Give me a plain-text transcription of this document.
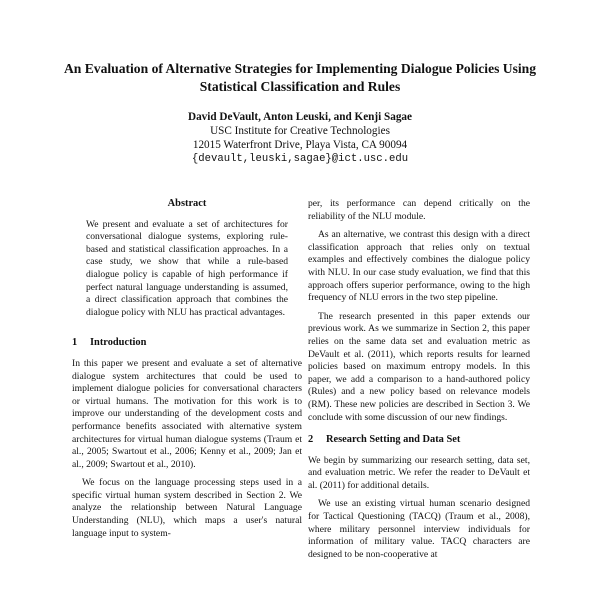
An Evaluation of Alternative Strategies for Implementing Dialogue Policies Using Statistical Classification and Rules
David DeVault, Anton Leuski, and Kenji Sagae
USC Institute for Creative Technologies
12015 Waterfront Drive, Playa Vista, CA 90094
{devault,leuski,sagae}@ict.usc.edu
Abstract

We present and evaluate a set of architectures for conversational dialogue systems, exploring rule-based and statistical classification approaches. In a case study, we show that while a rule-based dialogue policy is capable of high performance if perfect natural language understanding is assumed, a direct classification approach that combines the dialogue policy with NLU has practical advantages.

1 Introduction

In this paper we present and evaluate a set of alternative dialogue system architectures that could be used to implement dialogue policies for conversational characters or virtual humans. The motivation for this work is to improve our understanding of the development costs and performance benefits associated with alternative system architectures for virtual human dialogue systems (Traum et al., 2005; Swartout et al., 2006; Kenny et al., 2009; Jan et al., 2009; Swartout et al., 2010).

We focus on the language processing steps used in a specific virtual human system described in Section 2. We analyze the relationship between Natural Language Understanding (NLU), which maps a user's natural language input to system-

per, its performance can depend critically on the reliability of the NLU module.

As an alternative, we contrast this design with a direct classification approach that relies only on textual examples and effectively combines the dialogue policy with NLU. In our case study evaluation, we find that this approach offers superior performance, owing to the high frequency of NLU errors in the two step pipeline.

The research presented in this paper extends our previous work. As we summarize in Section 2, this paper relies on the same data set and evaluation metric as DeVault et al. (2011), which reports results for learned policies based on maximum entropy models. In this paper, we add a comparison to a hand-authored policy (Rules) and a new policy based on relevance models (RM). These new policies are described in Section 3. We conclude with some discussion of our new findings.

2 Research Setting and Data Set

We begin by summarizing our research setting, data set, and evaluation metric. We refer the reader to DeVault et al. (2011) for additional details.

We use an existing virtual human scenario designed for Tactical Questioning (TACQ) (Traum et al., 2008), where military personnel interview individuals for information of military value. TACQ characters are designed to be non-cooperative at
